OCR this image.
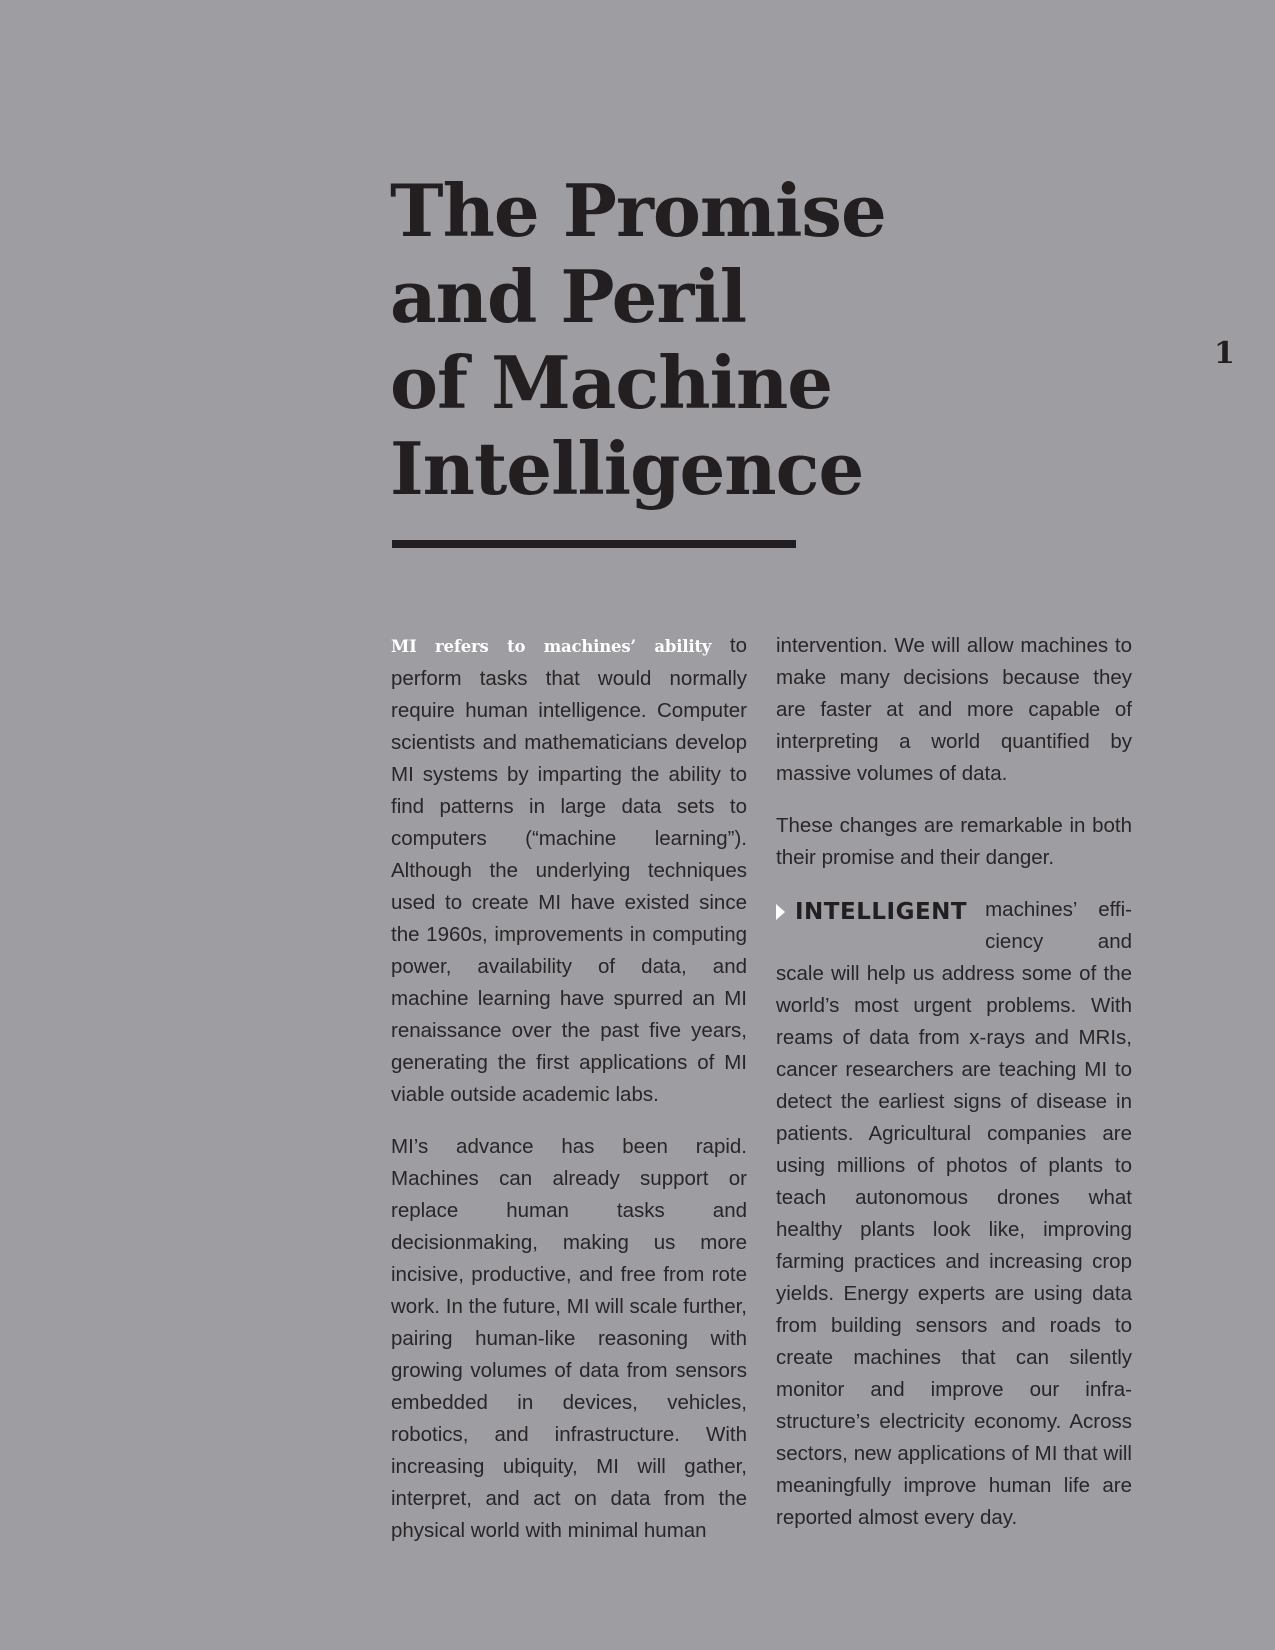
The Promise
and Peril
of Machine
Intelligence
1

MI refers to machines’ ability to perform tasks that would normally require human intelligence. Computer scientists and mathematicians develop MI systems by imparting the ability to find patterns in large data sets to computers (“machine learning”). Although the underlying techniques used to create MI have existed since the 1960s, improvements in computing power, availability of data, and machine learning have spurred an MI renaissance over the past five years, generating the first applications of MI viable outside academic labs.

MI’s advance has been rapid. Machines can already support or replace human tasks and decisionmaking, making us more incisive, productive, and free from rote work. In the future, MI will scale further, pairing human-like reasoning with growing volumes of data from sensors embedded in devices, vehicles, robotics, and infrastructure. With increasing ubiquity, MI will gather, interpret, and act on data from the physical world with minimal human

intervention. We will allow machines to make many decisions because they are faster at and more capable of interpreting a world quantified by massive volumes of data.

These changes are remarkable in both their promise and their danger.

INTELLIGENT machines’ efficiency and scale will help us address some of the world’s most urgent problems. With reams of data from x-rays and MRIs, cancer researchers are teaching MI to detect the earliest signs of disease in patients. Agricultural companies are using millions of photos of plants to teach autonomous drones what healthy plants look like, improving farming practices and increasing crop yields. Energy experts are using data from building sensors and roads to create machines that can silently monitor and improve our infrastructure’s electricity economy. Across sectors, new applications of MI that will meaningfully improve human life are reported almost every day.
